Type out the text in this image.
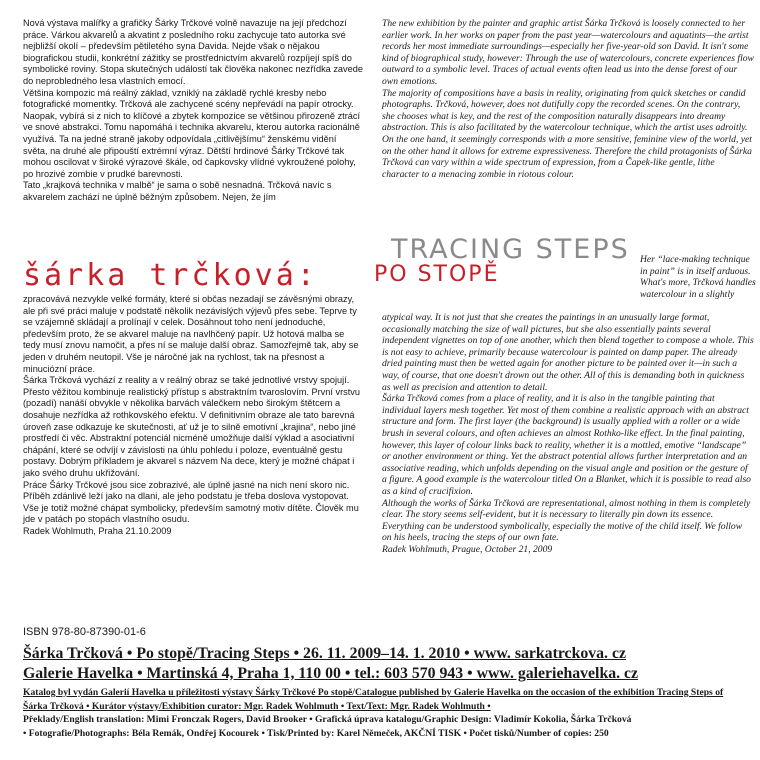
Nová výstava malířky a grafičky Šárky Trčkové volně navazuje na její předchozí práce. Várkou akvarelů a akvatint z posledního roku zachycuje tato autorka své nejbližší okolí – především pětiletého syna Davida. Nejde však o nějakou biografickou studii, konkrétní zážitky se prostřednictvím akvarelů rozpíjejí spíš do symbolické roviny. Stopa skutečných událostí tak člověka nakonec nezřídka zavede do neprobledného lesa vlastních emocí.

Většina kompozic má reálný základ, vzniklý na základě rychlé kresby nebo fotografické momentky. Trčková ale zachycené scény nepřevádí na papír otrocky. Naopak, vybírá si z nich to klíčové a zbytek kompozice se většinou přirozeně ztrácí ve snové abstrakci. Tomu napomáhá i technika akvarelu, kterou autorka racionálně využívá. Ta na jedné straně jakoby odpovídala „citlivějšímu“ ženskému vidění světa, na druhé ale připouští extrémní výraz. Dětští hrdinové Šárky Trčkové tak mohou oscilovat v široké výrazové škále, od čapkovsky vlídné vykroužené polohy, po hrozivé zombie v prudké barevnosti.

Tato „krajková technika v malbě“ je sama o sobě nesnadná. Trčková navíc s akvarelem zachází ne úplně běžným způsobem. Nejen, že jím

TRACING STEPS
šárka trčková:	PO STOPĚ

zpracovává nezvykle velké formáty, které si občas nezadají se závěsnými obrazy, ale při své práci maluje v podstatě několik nezávislých výjevů přes sebe. Teprve ty se vzájemně skládají a prolínají v celek. Dosáhnout toho není jednoduché, především proto, že se akvarel maluje na navlhčený papír. Už hotová malba se tedy musí znovu namočit, a přes ní se maluje další obraz. Samozřejmě tak, aby se jeden v druhém neutopil. Vše je náročné jak na rychlost, tak na přesnost a minuciózní práce.

Šárka Trčková vychází z reality a v reálný obraz se také jednotlivé vrstvy spojují. Přesto věžitou kombinuje realistický přístup s abstraktním tvaroslovím. První vrstvu (pozadí) nanáší obvykle v několika barvách válečkem nebo širokým štětcem a dosahuje nezřídka až rothkovského efektu. V definitivním obraze ale tato barevná úroveň zase odkazuje ke skutečnosti, ať už je to silně emotivní „krajina“, nebo jiné prostředí či věc. Abstraktní potenciál nicméně umožňuje další výklad a asociativní chápání, které se odvíjí v závislosti na úhlu pohledu i poloze, eventuálně gestu postavy. Dobrým příkladem je akvarel s názvem Na dece, který je možné chápat i jako svého druhu ukřižování.

Práce Šárky Trčkové jsou sice zobrazivé, ale úplně jasné na nich není skoro nic. Příběh zdánlivě leží jako na dlani, ale jeho podstatu je třeba doslova vystopovat. Vše je totiž možné chápat symbolicky, především samotný motiv dítěte. Člověk mu jde v patách po stopách vlastního osudu.

Radek Wohlmuth, Praha 21.10.2009

The new exhibition by the painter and graphic artist Šárka Trčková is loosely connected to her earlier work. In her works on paper from the past year—watercolours and aquatints—the artist records her most immediate surroundings—especially her five-year-old son David. It isn't some kind of biographical study, however: Through the use of watercolours, concrete experiences flow outward to a symbolic level. Traces of actual events often lead us into the dense forest of our own emotions.

The majority of compositions have a basis in reality, originating from quick sketches or candid photographs. Trčková, however, does not dutifully copy the recorded scenes. On the contrary, she chooses what is key, and the rest of the composition naturally disappears into dreamy abstraction. This is also facilitated by the watercolour technique, which the artist uses adroitly. On the one hand, it seemingly corresponds with a more sensitive, feminine view of the world, yet on the other hand it allows for extreme expressiveness. Therefore the child protagonists of Šárka Trčková can vary within a wide spectrum of expression, from a Čapek-like gentle, lithe character to a menacing zombie in riotous colour.

Her “lace-making technique in paint” is in itself arduous. What's more, Trčková handles watercolour in a slightly

atypical way. It is not just that she creates the paintings in an unusually large format, occasionally matching the size of wall pictures, but she also essentially paints several independent vignettes on top of one another, which then blend together to compose a whole. This is not easy to achieve, primarily because watercolour is painted on damp paper. The already dried painting must then be wetted again for another picture to be painted over it—in such a way, of course, that one doesn't drown out the other. All of this is demanding both in quickness as well as precision and attention to detail.

Šárka Trčková comes from a place of reality, and it is also in the tangible painting that individual layers mesh together. Yet most of them combine a realistic approach with an abstract structure and form. The first layer (the background) is usually applied with a roller or a wide brush in several colours, and often achieves an almost Rothko-like effect. In the final painting, however, this layer of colour links back to reality, whether it is a mottled, emotive “landscape” or another environment or thing. Yet the abstract potential allows further interpretation and an associative reading, which unfolds depending on the visual angle and position or the gesture of a figure. A good example is the watercolour titled On a Blanket, which it is possible to read also as a kind of crucifixion.

Although the works of Šárka Trčková are representational, almost nothing in them is completely clear. The story seems self-evident, but it is necessary to literally pin down its essence. Everything can be understood symbolically, especially the motive of the child itself. We follow on his heels, tracing the steps of our own fate.

Radek Wohlmuth, Prague, October 21, 2009

ISBN 978-80-87390-01-6
Šárka Trčková • Po stopě/Tracing Steps • 26. 11. 2009–14. 1. 2010 • www. sarkatrckova. cz
Galerie Havelka • Martinská 4, Praha 1, 110 00 • tel.: 603 570 943 • www. galeriehavelka. cz
Katalog byl vydán Galerií Havelka u příležitosti výstavy Šárky Trčkové Po stopě/Catalogue published by Galerie Havelka on the occasion of the exhibition Tracing Steps of Šárka Trčková • Kurátor výstavy/Exhibition curator: Mgr. Radek Wohlmuth • Text/Text: Mgr. Radek Wohlmuth •
Překlady/English translation: Mimi Fronczak Rogers, David Brooker • Grafická úprava katalogu/Graphic Design: Vladimír Kokolia, Šárka Trčková
• Fotografie/Photographs: Béla Remák, Ondřej Kocourek • Tisk/Printed by: Karel Němeček, AKČNÍ TISK • Počet tisků/Number of copies: 250
